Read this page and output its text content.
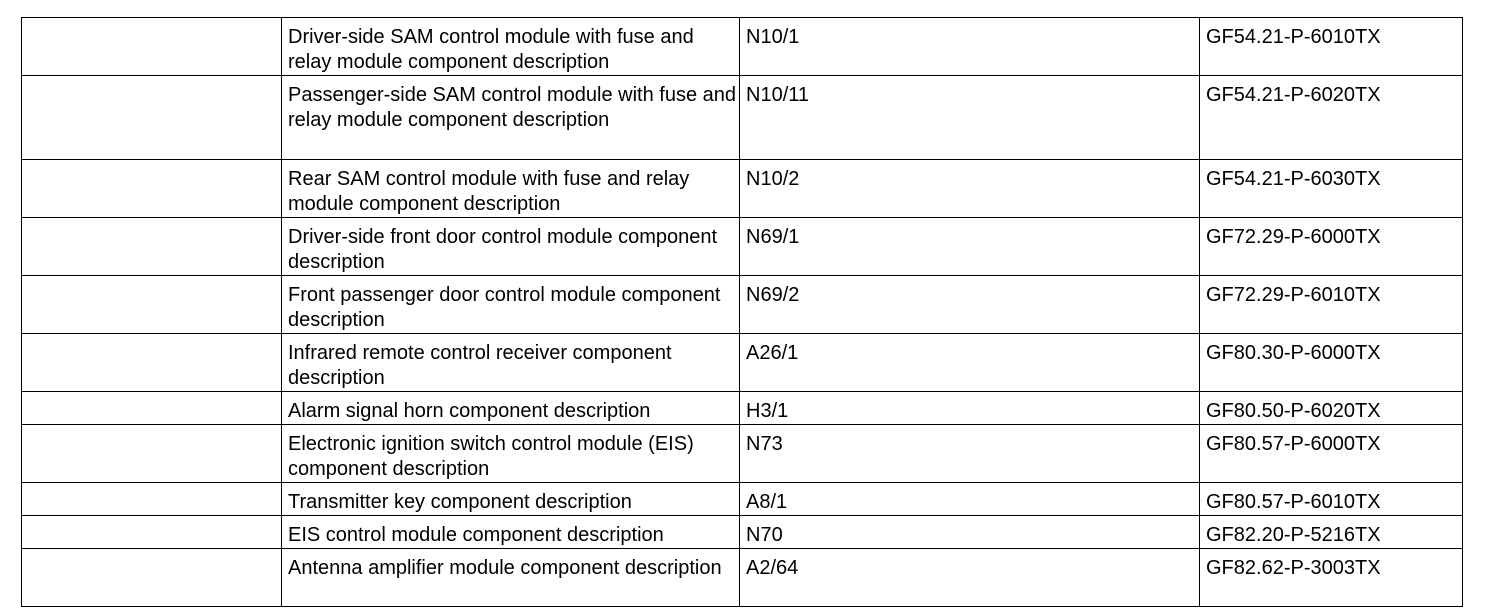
	Driver-side SAM control module with fuse and relay module component description	N10/1	GF54.21-P-6010TX
	Passenger-side SAM control module with fuse and relay module component description	N10/11	GF54.21-P-6020TX
	Rear SAM control module with fuse and relay module component description	N10/2	GF54.21-P-6030TX
	Driver-side front door control module component description	N69/1	GF72.29-P-6000TX
	Front passenger door control module component description	N69/2	GF72.29-P-6010TX
	Infrared remote control receiver component description	A26/1	GF80.30-P-6000TX
	Alarm signal horn component description	H3/1	GF80.50-P-6020TX
	Electronic ignition switch control module (EIS) component description	N73	GF80.57-P-6000TX
	Transmitter key component description	A8/1	GF80.57-P-6010TX
	EIS control module component description	N70	GF82.20-P-5216TX
	Antenna amplifier module component description	A2/64	GF82.62-P-3003TX
